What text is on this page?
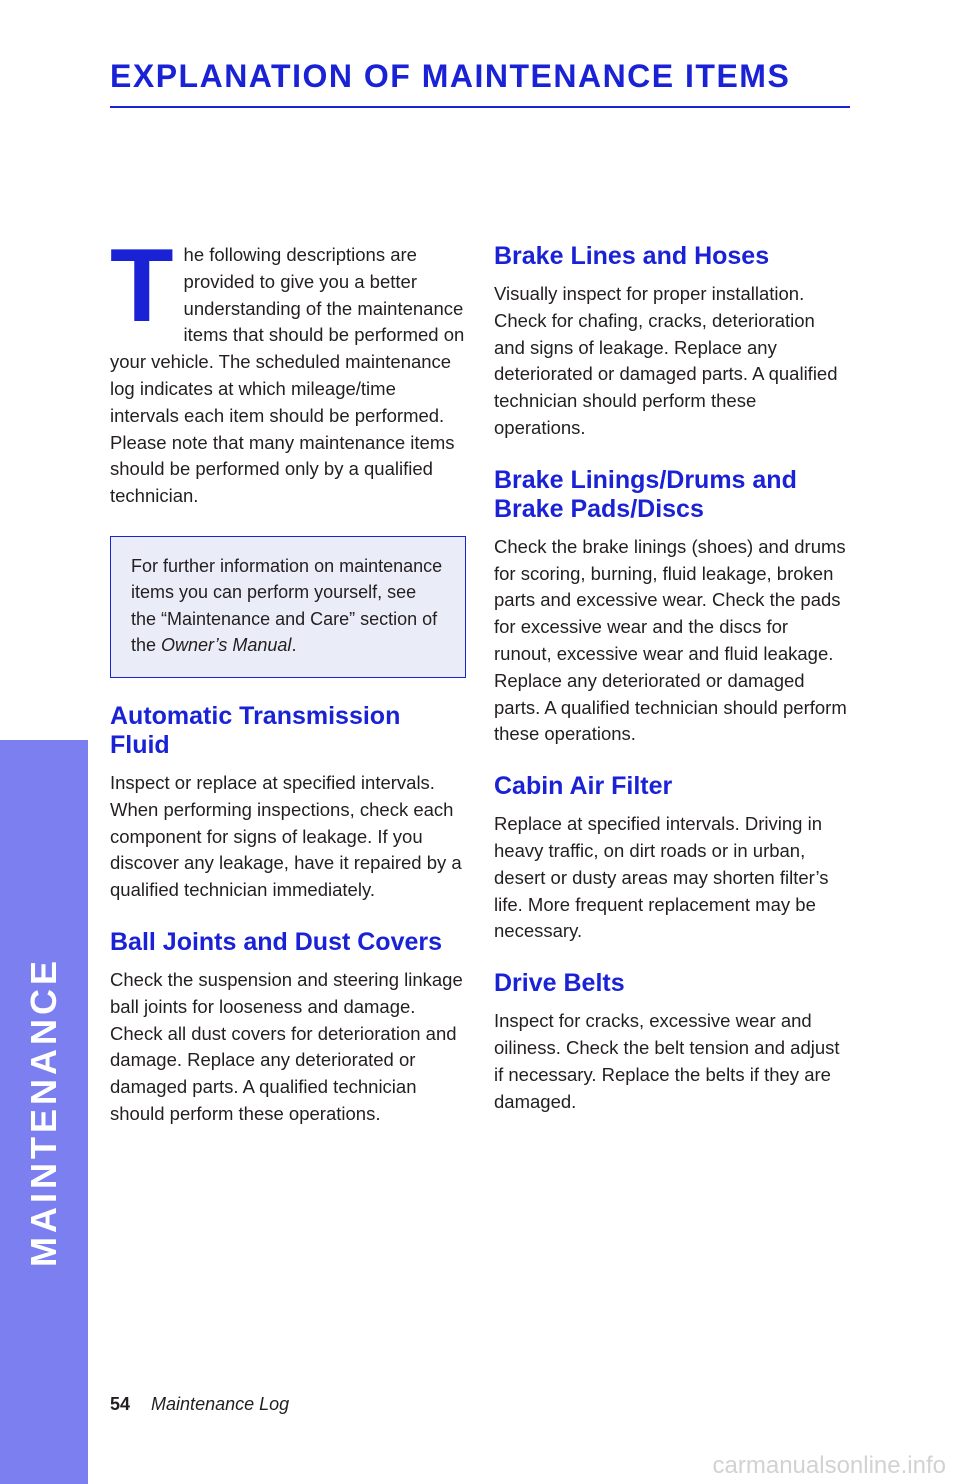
EXPLANATION OF MAINTENANCE ITEMS
MAINTENANCE

The following descriptions are provided to give you a better understanding of the maintenance items that should be performed on your vehicle. The scheduled maintenance log indicates at which mileage/time intervals each item should be performed. Please note that many maintenance items should be performed only by a qualified technician.

For further information on maintenance items you can perform yourself, see the “Maintenance and Care” section of the Owner’s Manual.

Automatic Transmission Fluid

Inspect or replace at specified intervals. When performing inspections, check each component for signs of leakage. If you discover any leakage, have it repaired by a qualified technician immediately.

Ball Joints and Dust Covers

Check the suspension and steering linkage ball joints for looseness and damage. Check all dust covers for deterioration and damage. Replace any deteriorated or damaged parts. A qualified technician should perform these operations.

Brake Lines and Hoses

Visually inspect for proper installation. Check for chafing, cracks, deterioration and signs of leakage. Replace any deteriorated or damaged parts. A qualified technician should perform these operations.

Brake Linings/Drums and Brake Pads/Discs

Check the brake linings (shoes) and drums for scoring, burning, fluid leakage, broken parts and excessive wear. Check the pads for excessive wear and the discs for runout, excessive wear and fluid leakage. Replace any deteriorated or damaged parts. A qualified technician should perform these operations.

Cabin Air Filter

Replace at specified intervals. Driving in heavy traffic, on dirt roads or in urban, desert or dusty areas may shorten filter’s life. More frequent replacement may be necessary.

Drive Belts

Inspect for cracks, excessive wear and oiliness. Check the belt tension and adjust if necessary. Replace the belts if they are damaged.

54 Maintenance Log
carmanualsonline.info
